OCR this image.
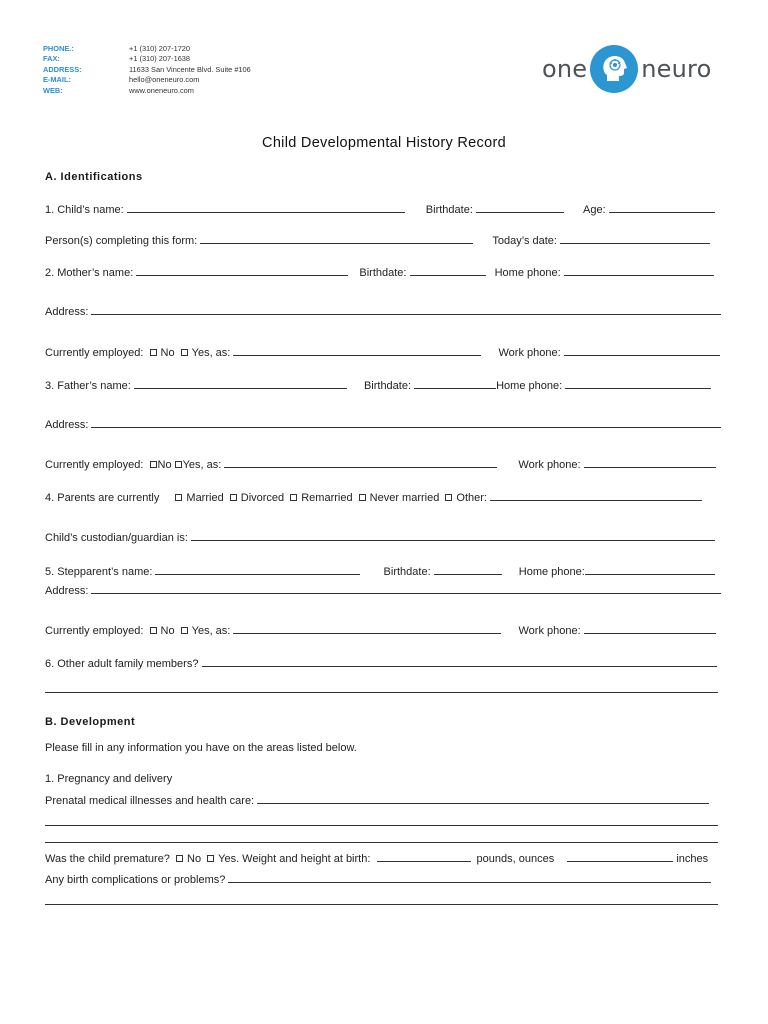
PHONE.:	+1 (310) 207-1720
FAX:	+1 (310) 207-1638
ADDRESS:	11633 San Vincente Blvd. Suite #106
E-MAIL:	hello@oneneuro.com
WEB:	www.oneneuro.com
one neuro
Child Developmental History Record
A. Identifications
1. Child’s name:	Birthdate:	Age:
Person(s) completing this form:	Today’s date:
2. Mother’s name:	Birthdate:	Home phone:
Address:
Currently employed: No Yes, as:	Work phone:
3. Father’s name:	Birthdate:	Home phone:
Address:
Currently employed: No Yes, as:	Work phone:
4. Parents are currently Married Divorced Remarried Never married Other:
Child’s custodian/guardian is:
5. Stepparent’s name:	Birthdate:	Home phone:
Address:
Currently employed: No Yes, as:	Work phone:
6. Other adult family members?
B. Development
Please fill in any information you have on the areas listed below.
1. Pregnancy and delivery
Prenatal medical illnesses and health care:
Was the child premature? No Yes. Weight and height at birth:	pounds, ounces	inches
Any birth complications or problems?
